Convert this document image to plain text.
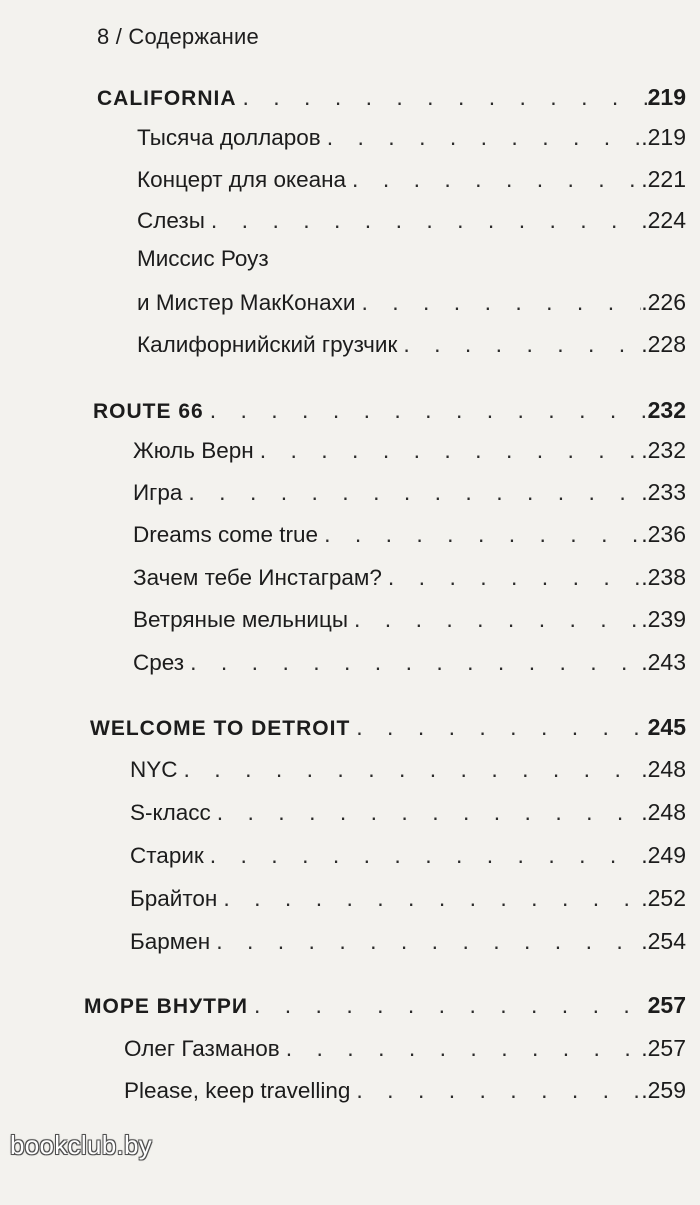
8 / Содержание
CALIFORNIA . . .	219
Тысяча долларов . . .	.219
Концерт для океана . . .	.221
Слезы . . .	.224
Миссис Роуз
и Мистер МакКонахи . . .	.226
Калифорнийский грузчик . . .	.228
ROUTE 66 . . .	232
Жюль Верн . . .	.232
Игра . . .	.233
Dreams come true . . .	.236
Зачем тебе Инстаграм? . . .	.238
Ветряные мельницы . . .	.239
Срез . . .	.243
WELCOME TO DETROIT . . .	245
NYC . . .	.248
S-класс . . .	.248
Старик . . .	.249
Брайтон . . .	.252
Бармен . . .	.254
МОРЕ ВНУТРИ . . .	257
Олег Газманов . . .	.257
Please, keep travelling . . .	.259
bookclub.by
